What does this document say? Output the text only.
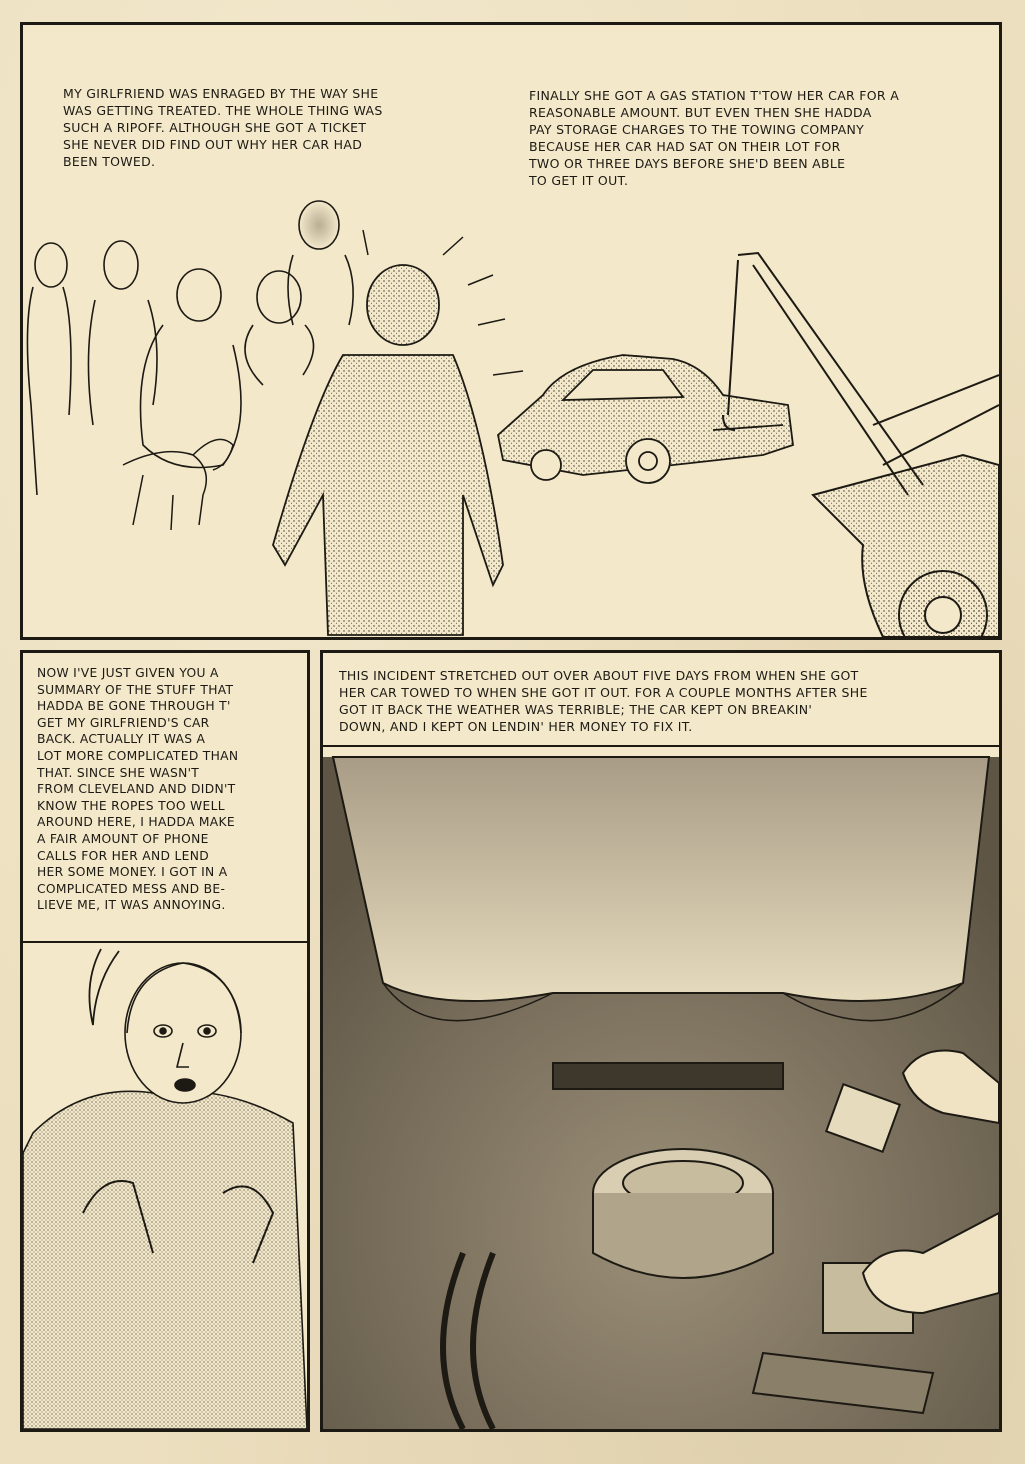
MY GIRLFRIEND WAS ENRAGED BY THE WAY SHE
WAS GETTING TREATED. THE WHOLE THING WAS
SUCH A RIPOFF. ALTHOUGH SHE GOT A TICKET
SHE NEVER DID FIND OUT WHY HER CAR HAD
BEEN TOWED.
FINALLY SHE GOT A GAS STATION T'TOW HER CAR FOR A
REASONABLE AMOUNT. BUT EVEN THEN SHE HADDA
PAY STORAGE CHARGES TO THE TOWING COMPANY
BECAUSE HER CAR HAD SAT ON THEIR LOT FOR
TWO OR THREE DAYS BEFORE SHE'D BEEN ABLE
TO GET IT OUT.
NOW I'VE JUST GIVEN YOU A
SUMMARY OF THE STUFF THAT
HADDA BE GONE THROUGH T'
GET MY GIRLFRIEND'S CAR
BACK. ACTUALLY IT WAS A
LOT MORE COMPLICATED THAN
THAT. SINCE SHE WASN'T
FROM CLEVELAND AND DIDN'T
KNOW THE ROPES TOO WELL
AROUND HERE, I HADDA MAKE
A FAIR AMOUNT OF PHONE
CALLS FOR HER AND LEND
HER SOME MONEY. I GOT IN A
COMPLICATED MESS AND BE-
LIEVE ME, IT WAS ANNOYING.
THIS INCIDENT STRETCHED OUT OVER ABOUT FIVE DAYS FROM WHEN SHE GOT
HER CAR TOWED TO WHEN SHE GOT IT OUT. FOR A COUPLE MONTHS AFTER SHE
GOT IT BACK THE WEATHER WAS TERRIBLE; THE CAR KEPT ON BREAKIN'
DOWN, AND I KEPT ON LENDIN' HER MONEY TO FIX IT.
